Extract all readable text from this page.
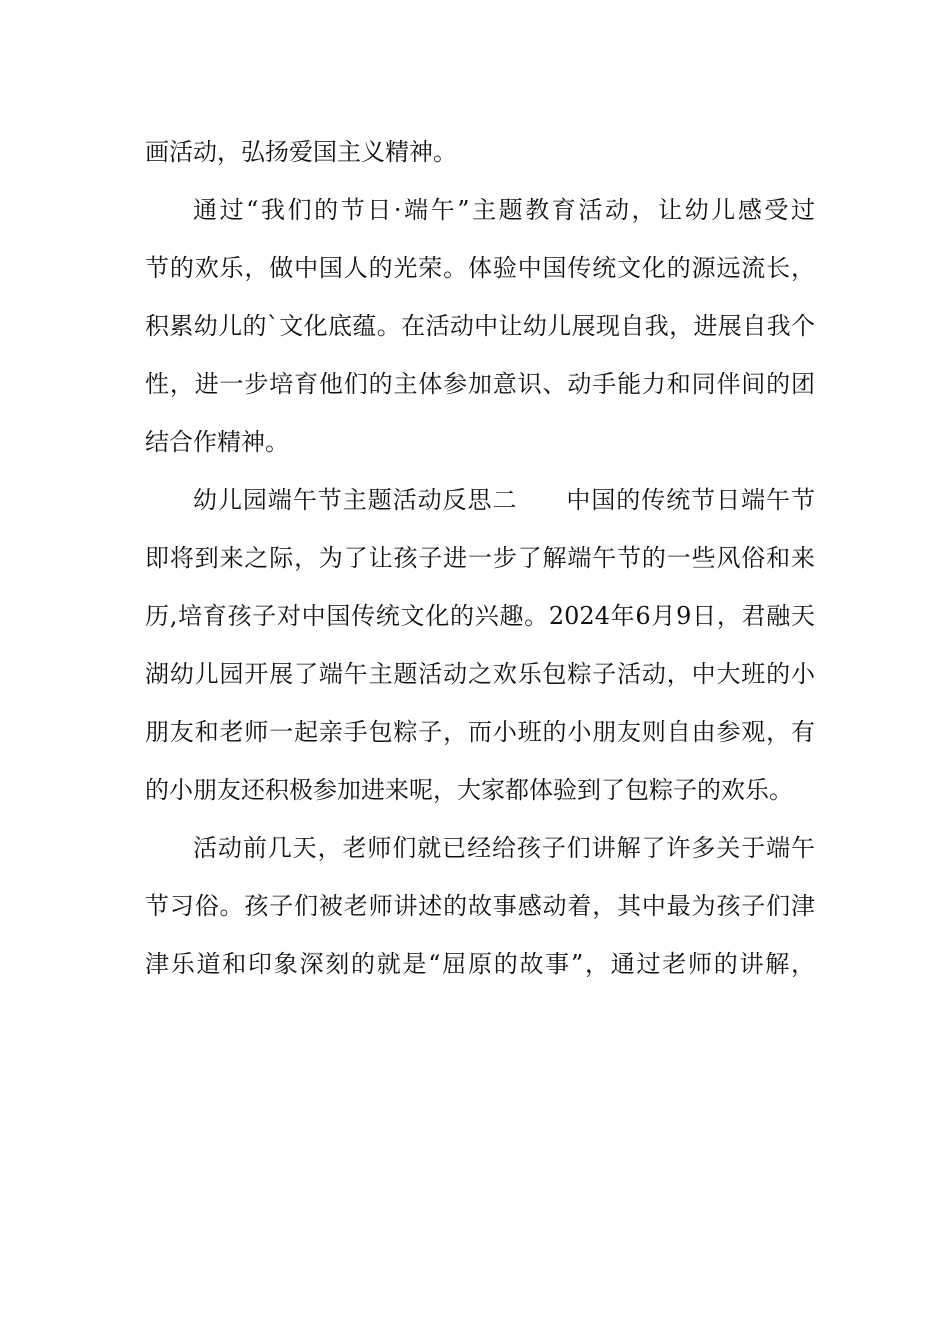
画活动，弘扬爱国主义精神。
通过“我们的节日·端午”主题教育活动，让幼儿感受过
节的欢乐，做中国人的光荣。体验中国传统文化的源远流长，
积累幼儿的`文化底蕴。在活动中让幼儿展现自我，进展自我个
性，进一步培育他们的主体参加意识、动手能力和同伴间的团
结合作精神。
幼儿园端午节主题活动反思二 中国的传统节日端午节
即将到来之际，为了让孩子进一步了解端午节的一些风俗和来
历,培育孩子对中国传统文化的兴趣。2024年6月9日，君融天
湖幼儿园开展了端午主题活动之欢乐包粽子活动，中大班的小
朋友和老师一起亲手包粽子，而小班的小朋友则自由参观，有
的小朋友还积极参加进来呢，大家都体验到了包粽子的欢乐。
活动前几天，老师们就已经给孩子们讲解了许多关于端午
节习俗。孩子们被老师讲述的故事感动着，其中最为孩子们津
津乐道和印象深刻的就是“屈原的故事”，通过老师的讲解，
